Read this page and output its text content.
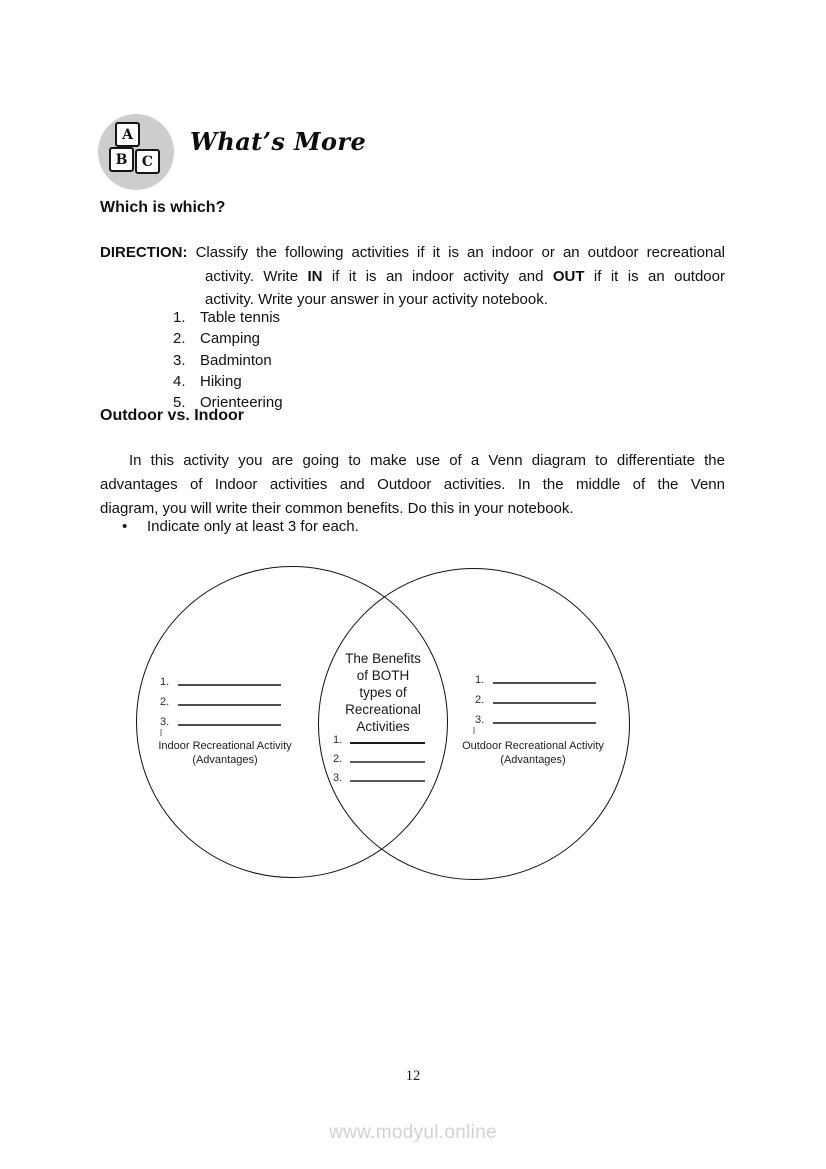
A
B C
What’s More
Which is which?
DIRECTION: Classify the following activities if it is an indoor or an outdoor recreational
activity. Write IN if it is an indoor activity and OUT if it is an outdoor
activity. Write your answer in your activity notebook.
1. Table tennis
2. Camping
3. Badminton
4. Hiking
5. Orienteering
Outdoor vs. Indoor
In this activity you are going to make use of a Venn diagram to differentiate the
advantages of Indoor activities and Outdoor activities. In the middle of the Venn
diagram, you will write their common benefits. Do this in your notebook.
• Indicate only at least 3 for each.
1.
2.
3.
Indoor Recreational Activity
(Advantages)
The Benefits
of BOTH
types of
Recreational
Activities
1.
2.
3.
1.
2.
3.
Outdoor Recreational Activity
(Advantages)
12
www.modyul.online
